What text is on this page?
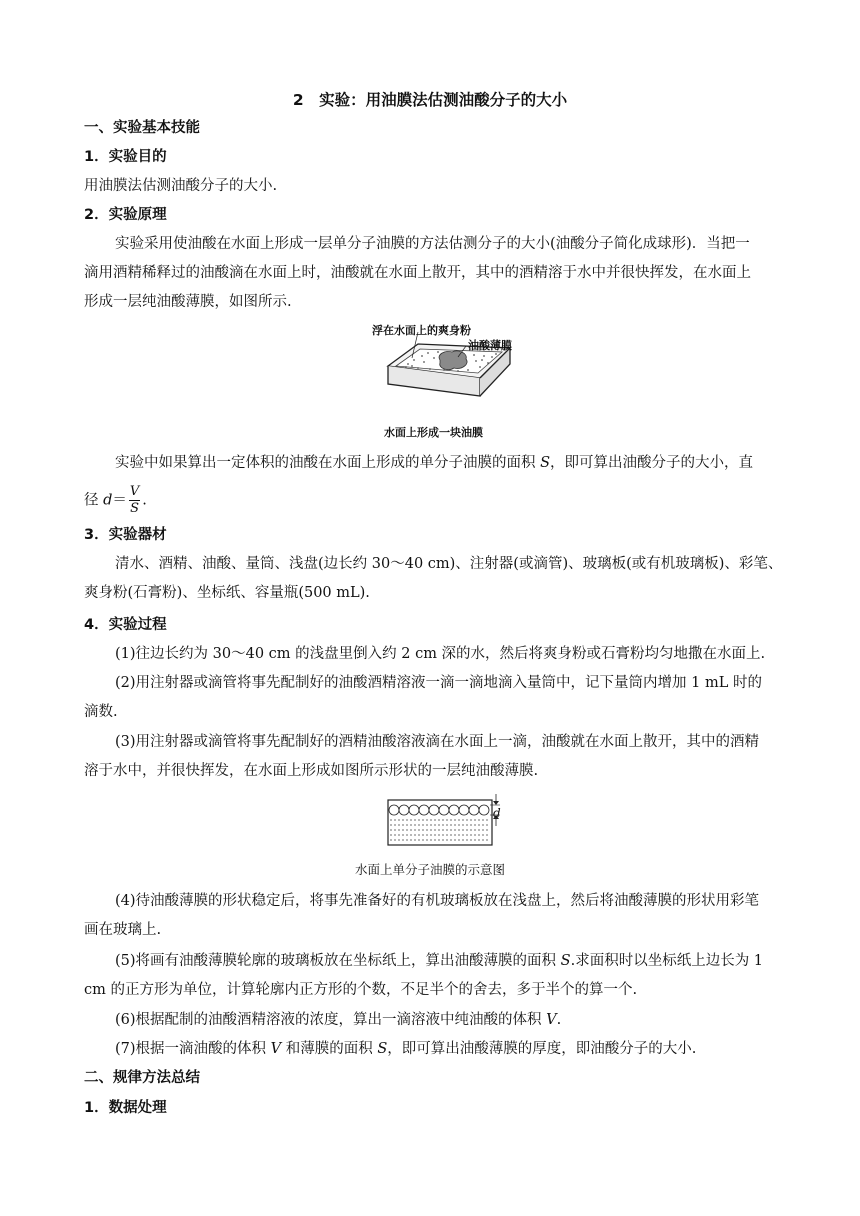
2　实验：用油膜法估测油酸分子的大小
一、实验基本技能
1．实验目的
用油膜法估测油酸分子的大小.
2．实验原理
实验采用使油酸在水面上形成一层单分子油膜的方法估测分子的大小(油酸分子简化成球形)．当把一
滴用酒精稀释过的油酸滴在水面上时，油酸就在水面上散开，其中的酒精溶于水中并很快挥发，在水面上
形成一层纯油酸薄膜，如图所示.
浮在水面上的爽身粉
油酸薄膜
水面上形成一块油膜
实验中如果算出一定体积的油酸在水面上形成的单分子油膜的面积 S，即可算出油酸分子的大小，直
径 $d= \frac{V}{S}$ .
3．实验器材
清水、酒精、油酸、量筒、浅盘(边长约 30～40 cm)、注射器(或滴管)、玻璃板(或有机玻璃板)、彩笔、
爽身粉(石膏粉)、坐标纸、容量瓶(500 mL).
4．实验过程
(1)往边长约为 30～40 cm 的浅盘里倒入约 2 cm 深的水，然后将爽身粉或石膏粉均匀地撒在水面上.
(2)用注射器或滴管将事先配制好的油酸酒精溶液一滴一滴地滴入量筒中，记下量筒内增加 1 mL 时的
滴数.
(3)用注射器或滴管将事先配制好的酒精油酸溶液滴在水面上一滴，油酸就在水面上散开，其中的酒精
溶于水中，并很快挥发，在水面上形成如图所示形状的一层纯油酸薄膜.
d
水面上单分子油膜的示意图
(4)待油酸薄膜的形状稳定后，将事先准备好的有机玻璃板放在浅盘上，然后将油酸薄膜的形状用彩笔
画在玻璃上.
(5)将画有油酸薄膜轮廓的玻璃板放在坐标纸上，算出油酸薄膜的面积 S.求面积时以坐标纸上边长为 1
cm 的正方形为单位，计算轮廓内正方形的个数，不足半个的舍去，多于半个的算一个.
(6)根据配制的油酸酒精溶液的浓度，算出一滴溶液中纯油酸的体积 V.
(7)根据一滴油酸的体积 V 和薄膜的面积 S，即可算出油酸薄膜的厚度，即油酸分子的大小.
二、规律方法总结
1．数据处理
